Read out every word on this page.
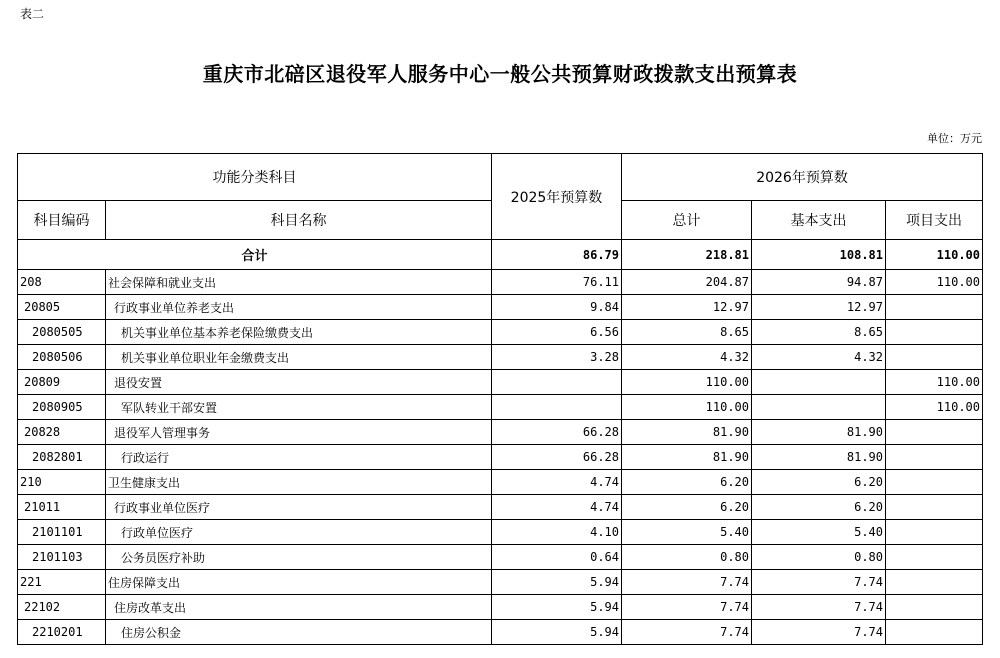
表二
重庆市北碚区退役军人服务中心一般公共预算财政拨款支出预算表
单位：万元
功能分类科目		2025年预算数	2026年预算数		
科目编码	科目名称		总计	基本支出	项目支出
合计		86.79	218.81	108.81	110.00
208	社会保障和就业支出	76.11	204.87	94.87	110.00
20805	行政事业单位养老支出	9.84	12.97	12.97	
2080505	机关事业单位基本养老保险缴费支出	6.56	8.65	8.65	
2080506	机关事业单位职业年金缴费支出	3.28	4.32	4.32	
20809	退役安置		110.00		110.00
2080905	军队转业干部安置		110.00		110.00
20828	退役军人管理事务	66.28	81.90	81.90	
2082801	行政运行	66.28	81.90	81.90	
210	卫生健康支出	4.74	6.20	6.20	
21011	行政事业单位医疗	4.74	6.20	6.20	
2101101	行政单位医疗	4.10	5.40	5.40	
2101103	公务员医疗补助	0.64	0.80	0.80	
221	住房保障支出	5.94	7.74	7.74	
22102	住房改革支出	5.94	7.74	7.74	
2210201	住房公积金	5.94	7.74	7.74	
